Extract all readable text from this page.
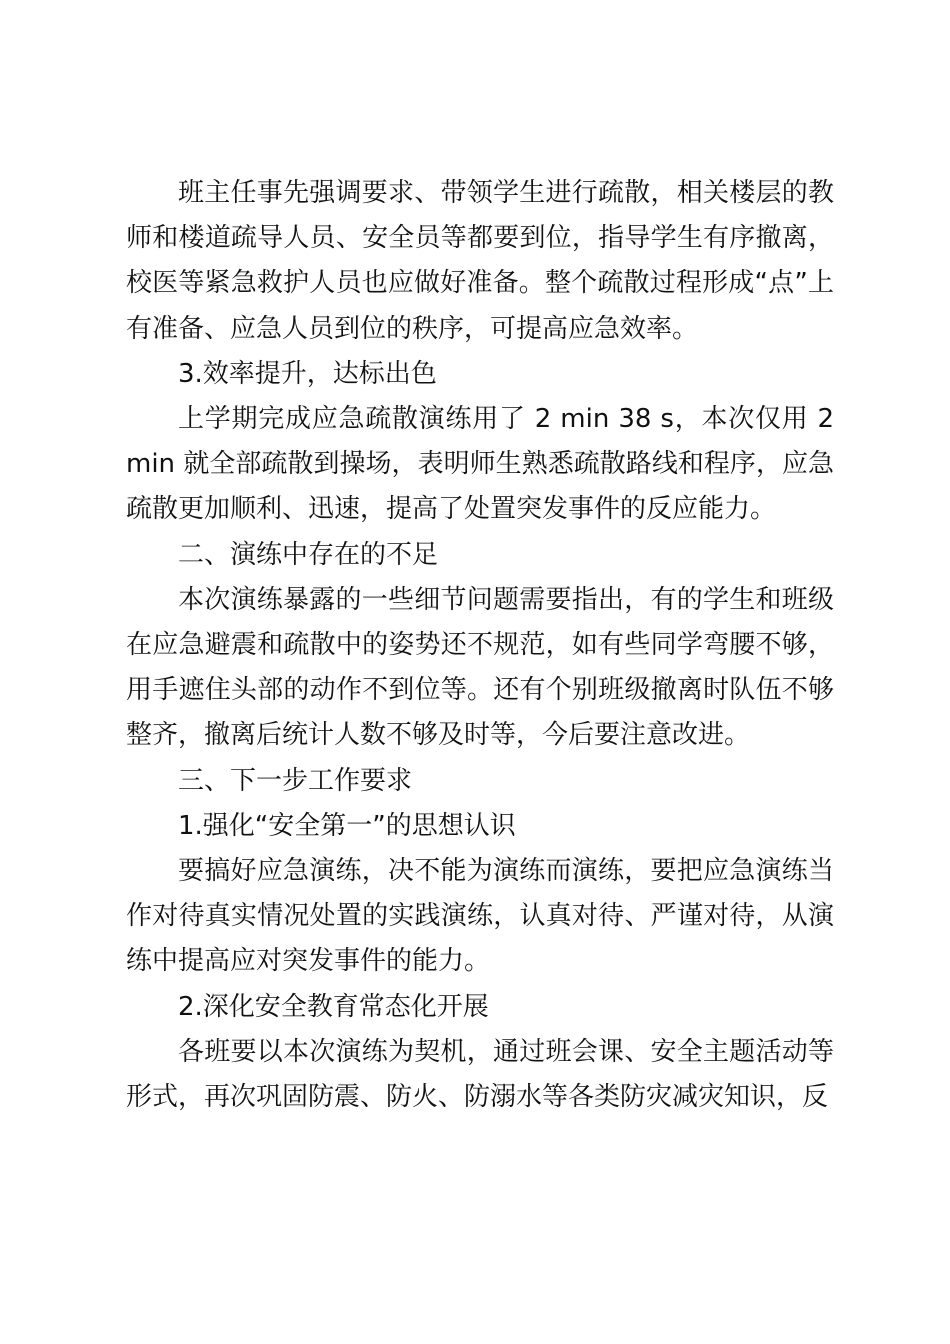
班主任事先强调要求、带领学生进行疏散，相关楼层的教师和楼道疏导人员、安全员等都要到位，指导学生有序撤离，校医等紧急救护人员也应做好准备。整个疏散过程形成“点”上有准备、应急人员到位的秩序，可提高应急效率。

3.效率提升，达标出色

上学期完成应急疏散演练用了 2 min 38 s，本次仅用 2 min 就全部疏散到操场，表明师生熟悉疏散路线和程序，应急疏散更加顺利、迅速，提高了处置突发事件的反应能力。

二、演练中存在的不足

本次演练暴露的一些细节问题需要指出，有的学生和班级在应急避震和疏散中的姿势还不规范，如有些同学弯腰不够，用手遮住头部的动作不到位等。还有个别班级撤离时队伍不够整齐，撤离后统计人数不够及时等，今后要注意改进。

三、下一步工作要求

1.强化“安全第一”的思想认识

要搞好应急演练，决不能为演练而演练，要把应急演练当作对待真实情况处置的实践演练，认真对待、严谨对待，从演练中提高应对突发事件的能力。

2.深化安全教育常态化开展

各班要以本次演练为契机，通过班会课、安全主题活动等形式，再次巩固防震、防火、防溺水等各类防灾减灾知识，反
